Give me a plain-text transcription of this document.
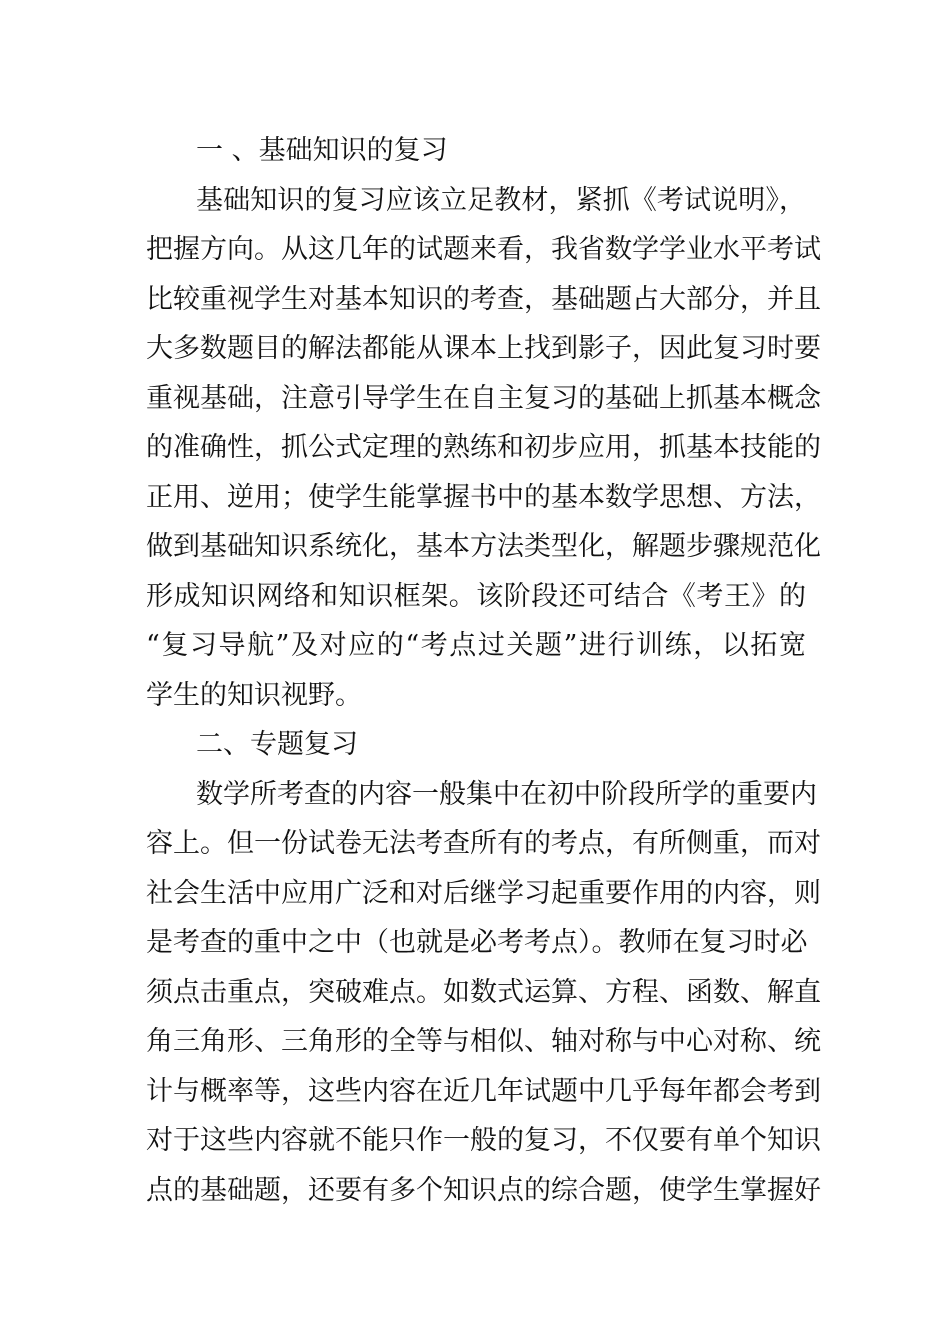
一 、基础知识的复习
基础知识的复习应该立足教材，紧抓《考试说明》，
把握方向。从这几年的试题来看，我省数学学业水平考试
比较重视学生对基本知识的考查，基础题占大部分，并且
大多数题目的解法都能从课本上找到影子，因此复习时要
重视基础，注意引导学生在自主复习的基础上抓基本概念
的准确性，抓公式定理的熟练和初步应用，抓基本技能的
正用、逆用；使学生能掌握书中的基本数学思想、方法，
做到基础知识系统化，基本方法类型化，解题步骤规范化
形成知识网络和知识框架。该阶段还可结合《考王》的
“复习导航”及对应的“考点过关题”进行训练，以拓宽
学生的知识视野。
二、专题复习
数学所考查的内容一般集中在初中阶段所学的重要内
容上。但一份试卷无法考查所有的考点，有所侧重，而对
社会生活中应用广泛和对后继学习起重要作用的内容，则
是考查的重中之中（也就是必考考点）。教师在复习时必
须点击重点，突破难点。如数式运算、方程、函数、解直
角三角形、三角形的全等与相似、轴对称与中心对称、统
计与概率等，这些内容在近几年试题中几乎每年都会考到
对于这些内容就不能只作一般的复习，不仅要有单个知识
点的基础题，还要有多个知识点的综合题，使学生掌握好
